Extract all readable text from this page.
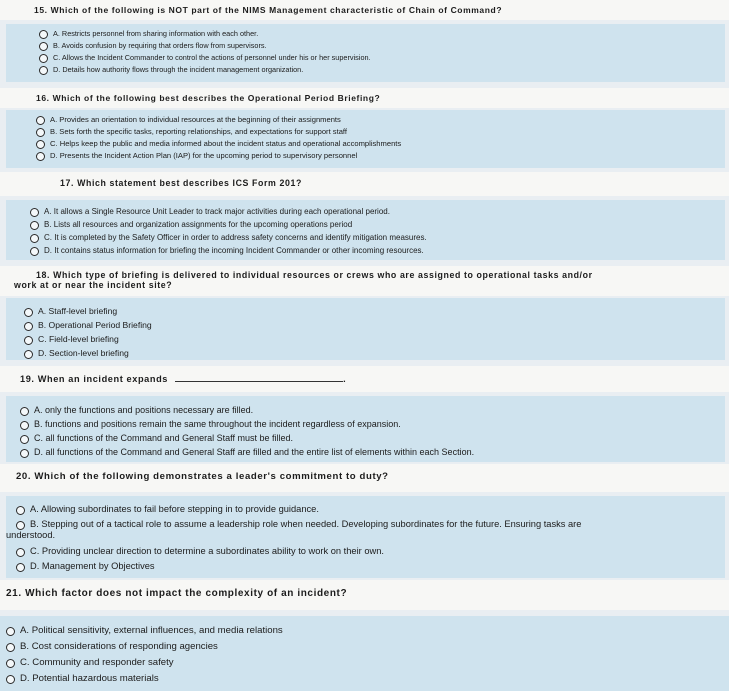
15. Which of the following is NOT part of the NIMS Management characteristic of Chain of Command?
A. Restricts personnel from sharing information with each other.
B. Avoids confusion by requiring that orders flow from supervisors.
C. Allows the Incident Commander to control the actions of personnel under his or her supervision.
D. Details how authority flows through the incident management organization.
16. Which of the following best describes the Operational Period Briefing?
A. Provides an orientation to individual resources at the beginning of their assignments
B. Sets forth the specific tasks, reporting relationships, and expectations for support staff
C. Helps keep the public and media informed about the incident status and operational accomplishments
D. Presents the Incident Action Plan (IAP) for the upcoming period to supervisory personnel
17. Which statement best describes ICS Form 201?
A. It allows a Single Resource Unit Leader to track major activities during each operational period.
B. Lists all resources and organization assignments for the upcoming operations period
C. It is completed by the Safety Officer in order to address safety concerns and identify mitigation measures.
D. It contains status information for briefing the incoming Incident Commander or other incoming resources.
18. Which type of briefing is delivered to individual resources or crews who are assigned to operational tasks and/or
work at or near the incident site?
A. Staff-level briefing
B. Operational Period Briefing
C. Field-level briefing
D. Section-level briefing
19. When an incident expands	.
A. only the functions and positions necessary are filled.
B. functions and positions remain the same throughout the incident regardless of expansion.
C. all functions of the Command and General Staff must be filled.
D. all functions of the Command and General Staff are filled and the entire list of elements within each Section.
20. Which of the following demonstrates a leader's commitment to duty?
A. Allowing subordinates to fail before stepping in to provide guidance.
B. Stepping out of a tactical role to assume a leadership role when needed. Developing subordinates for the future. Ensuring tasks are
understood.
C. Providing unclear direction to determine a subordinates ability to work on their own.
D. Management by Objectives
21. Which factor does not impact the complexity of an incident?
A. Political sensitivity, external influences, and media relations
B. Cost considerations of responding agencies
C. Community and responder safety
D. Potential hazardous materials
